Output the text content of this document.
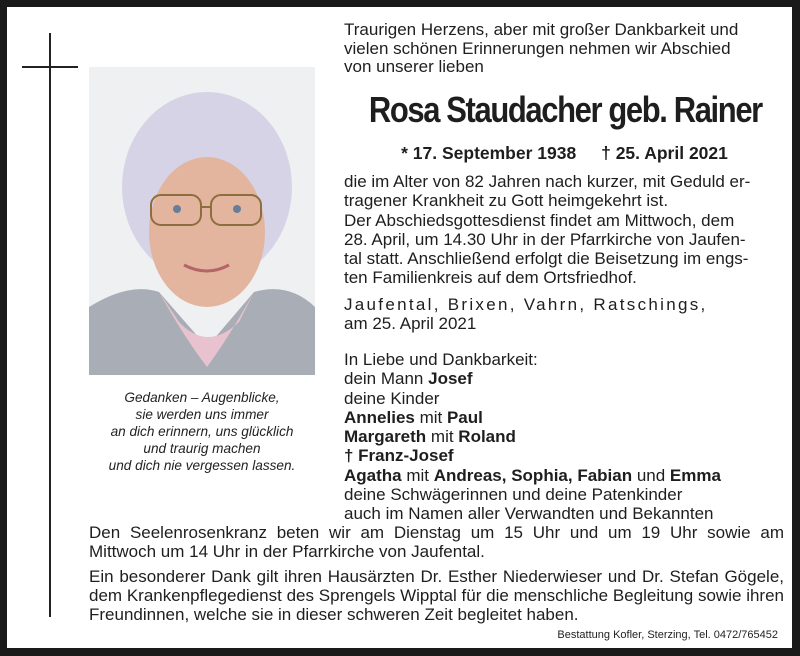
Gedanken – Augenblicke,
sie werden uns immer
an dich erinnern, uns glücklich
und traurig machen
und dich nie vergessen lassen.
Traurigen Herzens, aber mit großer Dankbarkeit und
vielen schönen Erinnerungen nehmen wir Abschied
von unserer lieben
Rosa Staudacher geb. Rainer
* 17. September 1938 † 25. April 2021
die im Alter von 82 Jahren nach kurzer, mit Geduld er-
tragener Krankheit zu Gott heimgekehrt ist.
Der Abschiedsgottesdienst findet am Mittwoch, dem
28. April, um 14.30 Uhr in der Pfarrkirche von Jaufen-
tal statt. Anschließend erfolgt die Beisetzung im engs-
ten Familienkreis auf dem Ortsfriedhof.
Jaufental, Brixen, Vahrn, Ratschings,
am 25. April 2021
In Liebe und Dankbarkeit:
dein Mann Josef
deine Kinder
Annelies mit Paul
Margareth mit Roland
† Franz-Josef
Agatha mit Andreas, Sophia, Fabian und Emma
deine Schwägerinnen und deine Patenkinder
auch im Namen aller Verwandten und Bekannten

Den Seelenrosenkranz beten wir am Dienstag um 15 Uhr und um 19 Uhr sowie am Mittwoch um 14 Uhr in der Pfarrkirche von Jaufental.

Ein besonderer Dank gilt ihren Hausärzten Dr. Esther Niederwieser und Dr. Stefan Gögele, dem Krankenpflegedienst des Sprengels Wipptal für die menschliche Begleitung sowie ihren Freundinnen, welche sie in dieser schweren Zeit begleitet haben.

Bestattung Kofler, Sterzing, Tel. 0472/765452
